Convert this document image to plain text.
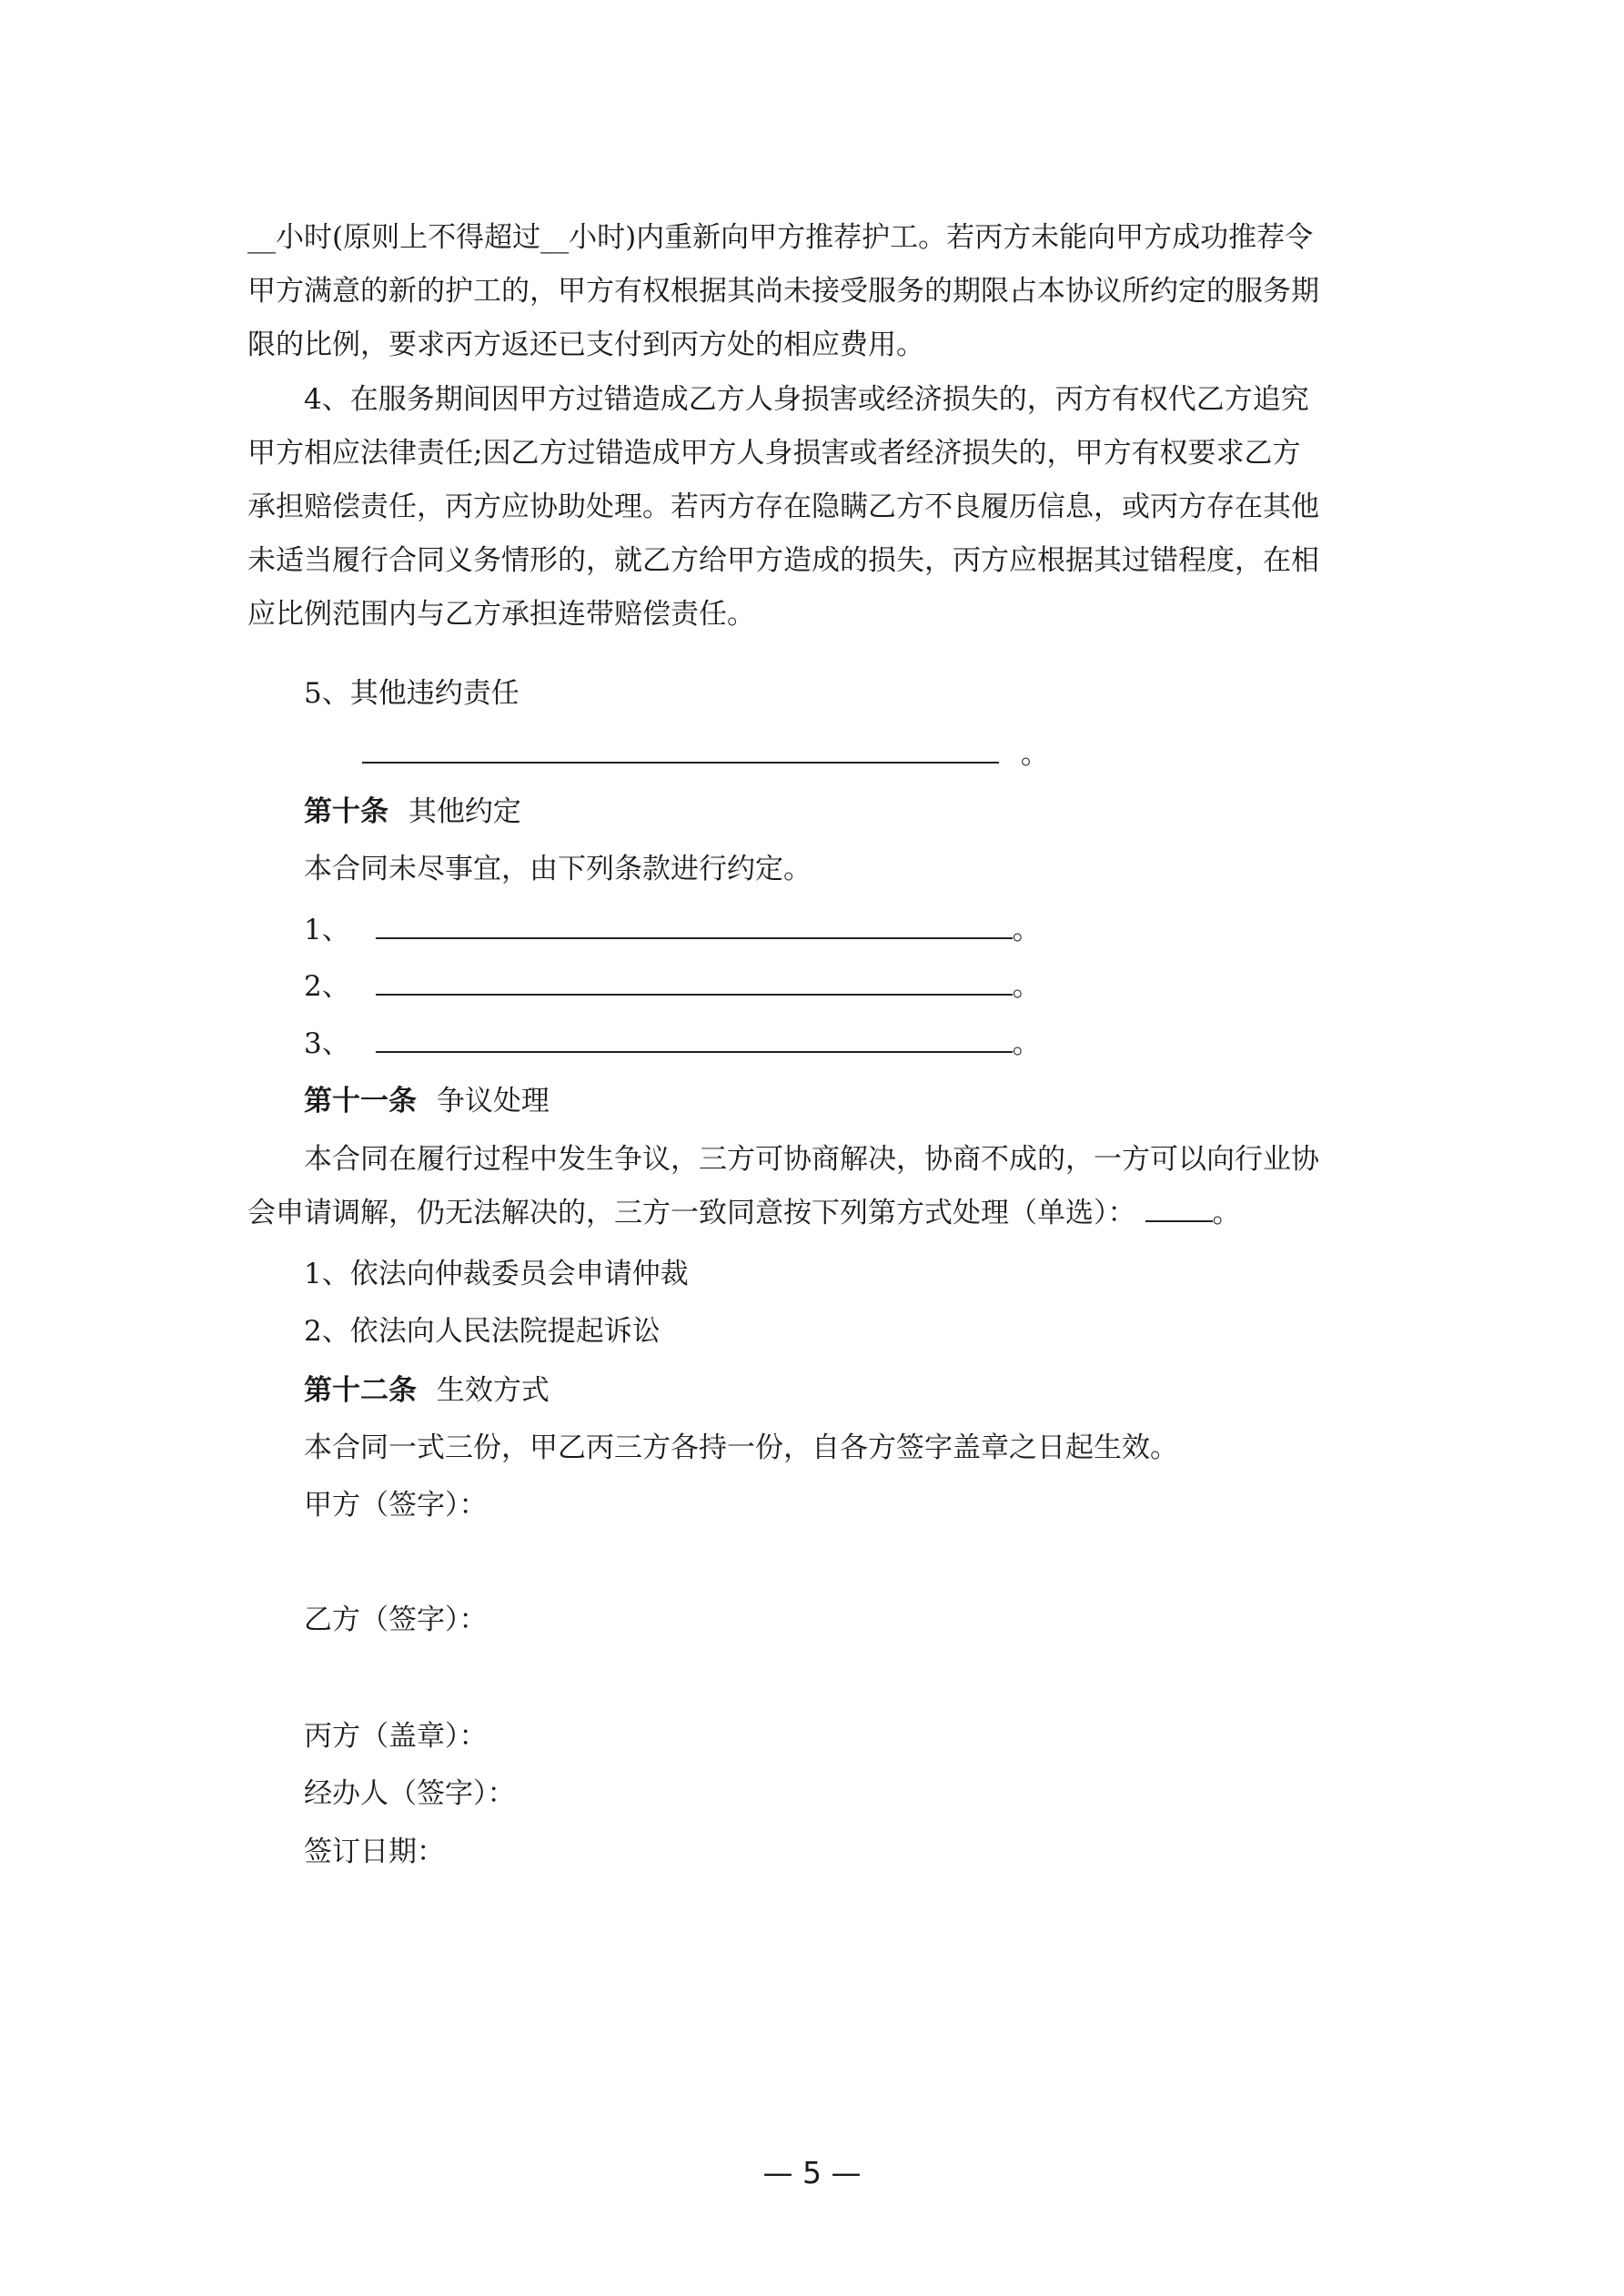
__小时(原则上不得超过__小时)内重新向甲方推荐护工。若丙方未能向甲方成功推荐令
甲方满意的新的护工的，甲方有权根据其尚未接受服务的期限占本协议所约定的服务期
限的比例，要求丙方返还已支付到丙方处的相应费用。

4、在服务期间因甲方过错造成乙方人身损害或经济损失的，丙方有权代乙方追究
甲方相应法律责任;因乙方过错造成甲方人身损害或者经济损失的，甲方有权要求乙方
承担赔偿责任，丙方应协助处理。若丙方存在隐瞒乙方不良履历信息，或丙方存在其他
未适当履行合同义务情形的，就乙方给甲方造成的损失，丙方应根据其过错程度，在相
应比例范围内与乙方承担连带赔偿责任。

5、其他违约责任

。

第十条 其他约定

本合同未尽事宜，由下列条款进行约定。

1、	。

2、	。

3、	。

第十一条 争议处理

本合同在履行过程中发生争议，三方可协商解决，协商不成的，一方可以向行业协
会申请调解，仍无法解决的，三方一致同意按下列第方式处理（单选）：	。

1、依法向仲裁委员会申请仲裁

2、依法向人民法院提起诉讼

第十二条 生效方式

本合同一式三份，甲乙丙三方各持一份，自各方签字盖章之日起生效。

甲方（签字）：

乙方（签字）：

丙方（盖章）：

经办人（签字）：

签订日期：

— 5 —
